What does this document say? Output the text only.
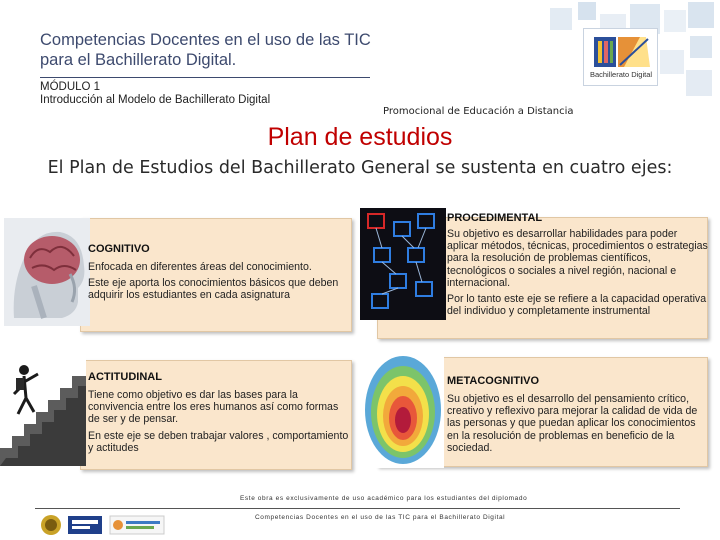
Competencias Docentes en el uso de las TIC
para el Bachillerato Digital.
MÓDULO 1
Introducción al Modelo de Bachillerato Digital
Promocional de Educación a Distancia
Bachillerato Digital
Plan de estudios
El Plan de Estudios del Bachillerato General se sustenta en cuatro ejes:
COGNITIVO

Enfocada en diferentes áreas del conocimiento.

Este eje aporta los conocimientos básicos que deben adquirir los estudiantes en cada asignatura

PROCEDIMENTAL

Su objetivo es desarrollar habilidades para poder aplicar métodos, técnicas, procedimientos o estrategias para la resolución de problemas científicos, tecnológicos o sociales a nivel región, nacional e internacional.

Por lo tanto este eje se refiere a la capacidad operativa del individuo y completamente instrumental

ACTITUDINAL

Tiene como objetivo es dar las bases para la convivencia entre los eres humanos así como formas de ser y de pensar.

En este eje se deben trabajar valores , comportamiento y actitudes

METACOGNITIVO

Su objetivo es el desarrollo del pensamiento crítico, creativo y reflexivo para mejorar la calidad de vida de las personas y que puedan aplicar los conocimientos en la resolución de problemas en beneficio de la sociedad.

Este obra es exclusivamente de uso académico para los estudiantes del diplomado
Competencias Docentes en el uso de las TIC para el Bachillerato Digital
